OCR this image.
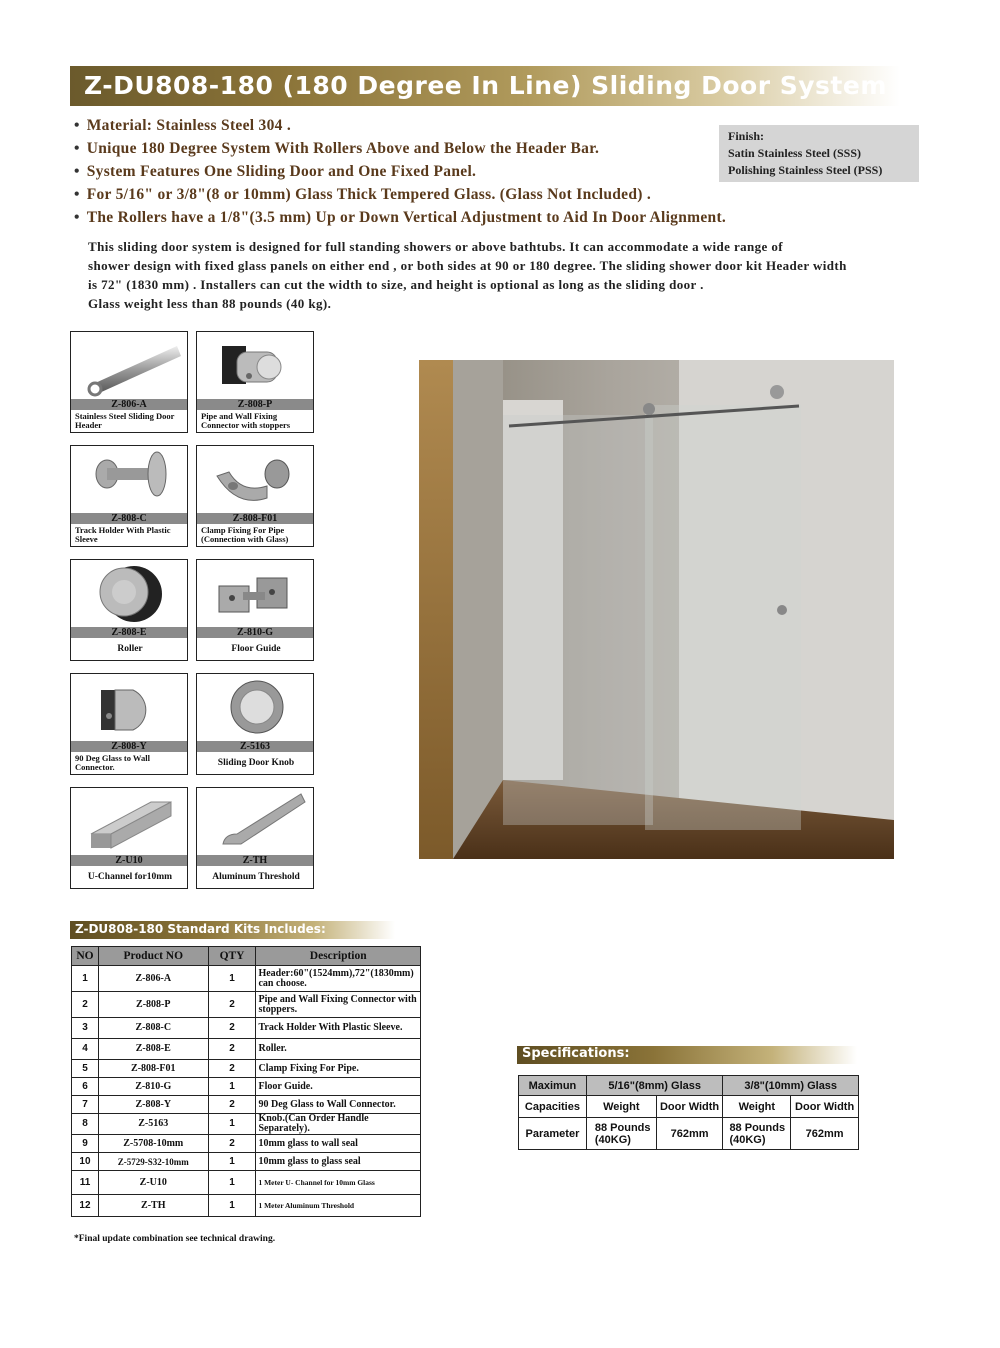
Z-DU808-180 (180 Degree In Line) Sliding Door System
• Material: Stainless Steel 304 .
• Unique 180 Degree System With Rollers Above and Below the Header Bar.
• System Features One Sliding Door and One Fixed Panel.
• For 5/16" or 3/8"(8 or 10mm) Glass Thick Tempered Glass. (Glass Not Included) .
• The Rollers have a 1/8"(3.5 mm) Up or Down Vertical Adjustment to Aid In Door Alignment.
Finish:
Satin Stainless Steel (SSS)
Polishing Stainless Steel (PSS)
This sliding door system is designed for full standing showers or above bathtubs. It can accommodate a wide range of
shower design with fixed glass panels on either end , or both sides at 90 or 180 degree. The sliding shower door kit Header width
is 72" (1830 mm) . Installers can cut the width to size, and height is optional as long as the sliding door .
Glass weight less than 88 pounds (40 kg).
Z-806-A
Stainless Steel Sliding Door Header
Z-808-P
Pipe and Wall Fixing Connector with stoppers
Z-808-C
Track Holder With Plastic Sleeve
Z-808-F01
Clamp Fixing For Pipe (Connection with Glass)
Z-808-E
Roller
Z-810-G
Floor Guide
Z-808-Y
90 Deg Glass to Wall Connector.
Z-5163
Sliding Door Knob
Z-U10
U-Channel for10mm
Z-TH
Aluminum Threshold
Z-DU808-180 Standard Kits Includes:
NO	Product NO	QTY	Description
1	Z-806-A	1	Header:60"(1524mm),72"(1830mm) can choose.
2	Z-808-P	2	Pipe and Wall Fixing Connector with stoppers.
3	Z-808-C	2	Track Holder With Plastic Sleeve.
4	Z-808-E	2	Roller.
5	Z-808-F01	2	Clamp Fixing For Pipe.
6	Z-810-G	1	Floor Guide.
7	Z-808-Y	2	90 Deg Glass to Wall Connector.
8	Z-5163	1	Knob.(Can Order Handle Separately).
9	Z-5708-10mm	2	10mm glass to wall seal
10	Z-5729-S32-10mm	1	10mm glass to glass seal
11	Z-U10	1	1 Meter U- Channel for 10mm Glass
12	Z-TH	1	1 Meter Aluminum Threshold
*Final update combination see technical drawing.
Specifications:
Maximun	5/16"(8mm) Glass		3/8"(10mm) Glass	
Capacities	Weight	Door Width	Weight	Door Width
Parameter	88 Pounds (40KG)	762mm	88 Pounds (40KG)	762mm
